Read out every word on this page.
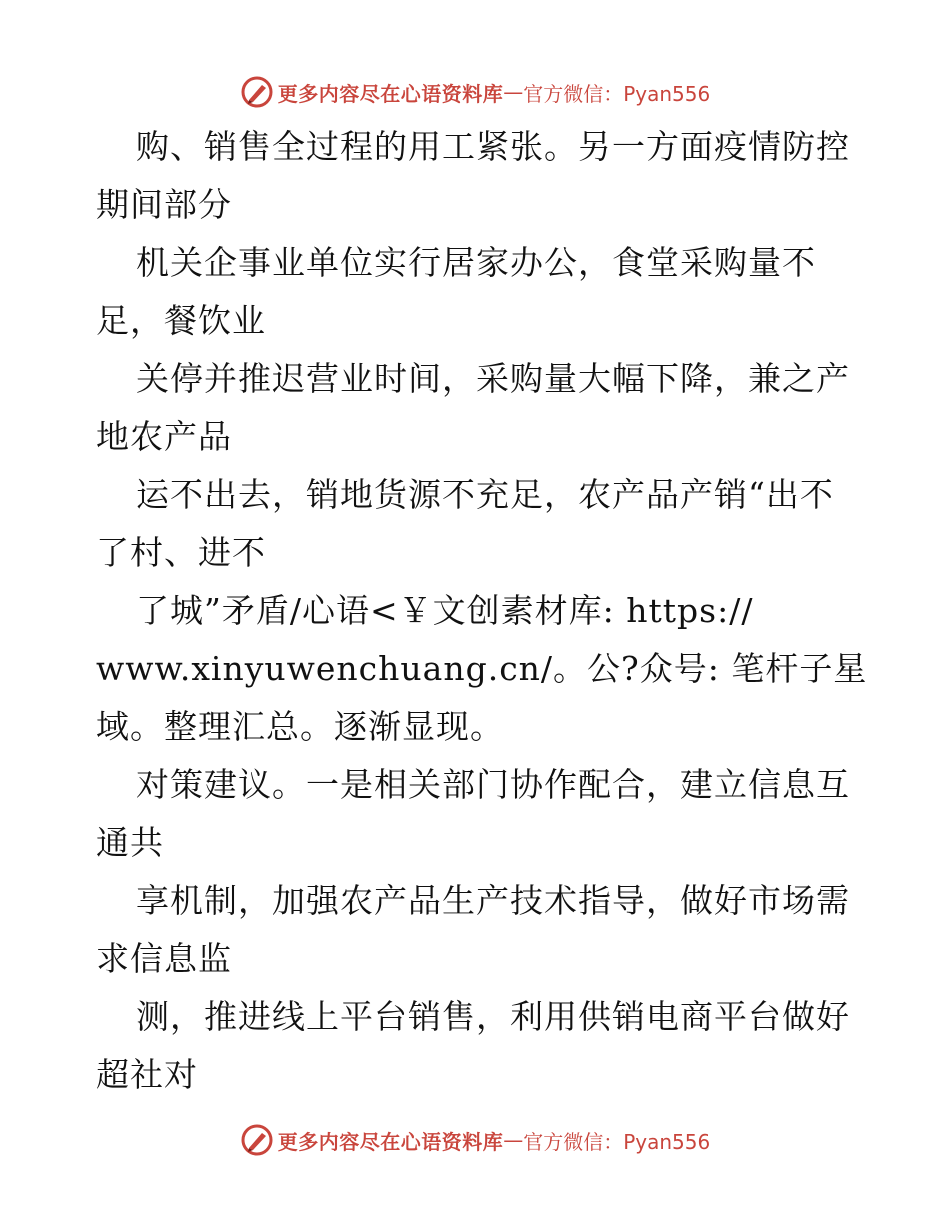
更多内容尽在心语资料库 — 官方微信：Pyan556
购、销售全过程的用工紧张。另一方面疫情防控
期间部分
机关企事业单位实行居家办公，食堂采购量不
足，餐饮业
关停并推迟营业时间，采购量大幅下降，兼之产
地农产品
运不出去，销地货源不充足，农产品产销“出不
了村、进不
了城”矛盾/心语<￥文创素材库: https://
www.xinyuwenchuang.cn/。公?众号: 笔杆子星
域。整理汇总。逐渐显现。
对策建议。一是相关部门协作配合，建立信息互
通共
享机制，加强农产品生产技术指导，做好市场需
求信息监
测，推进线上平台销售，利用供销电商平台做好
超社对
更多内容尽在心语资料库 — 官方微信：Pyan556
